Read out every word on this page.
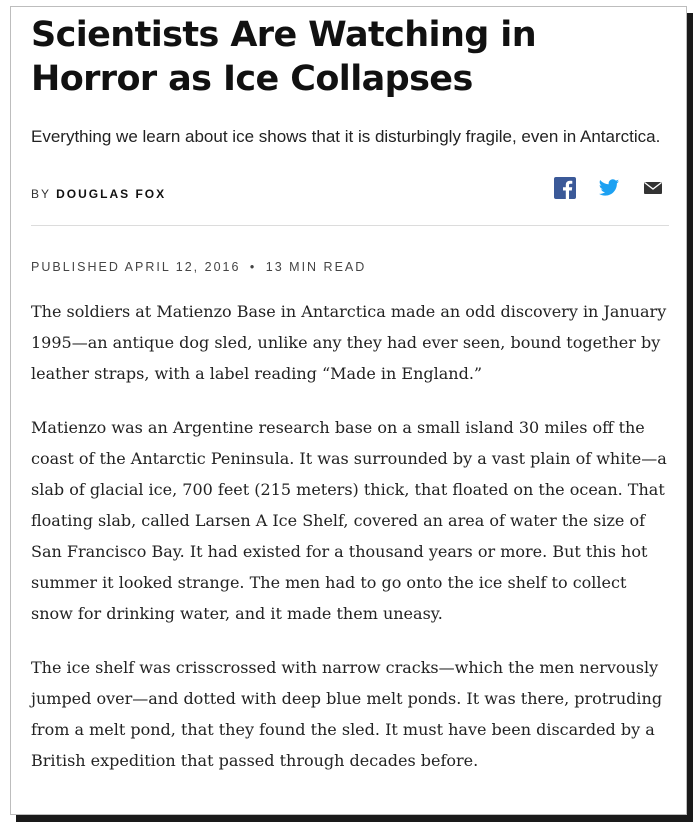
Scientists Are Watching in Horror as Ice Collapses
Everything we learn about ice shows that it is disturbingly fragile, even in Antarctica.
BY DOUGLAS FOX
PUBLISHED APRIL 12, 2016 • 13 MIN READ

The soldiers at Matienzo Base in Antarctica made an odd discovery in January 1995—an antique dog sled, unlike any they had ever seen, bound together by leather straps, with a label reading “Made in England.”

Matienzo was an Argentine research base on a small island 30 miles off the coast of the Antarctic Peninsula. It was surrounded by a vast plain of white—a slab of glacial ice, 700 feet (215 meters) thick, that floated on the ocean. That floating slab, called Larsen A Ice Shelf, covered an area of water the size of San Francisco Bay. It had existed for a thousand years or more. But this hot summer it looked strange. The men had to go onto the ice shelf to collect snow for drinking water, and it made them uneasy.

The ice shelf was crisscrossed with narrow cracks—which the men nervously jumped over—and dotted with deep blue melt ponds. It was there, protruding from a melt pond, that they found the sled. It must have been discarded by a British expedition that passed through decades before.
